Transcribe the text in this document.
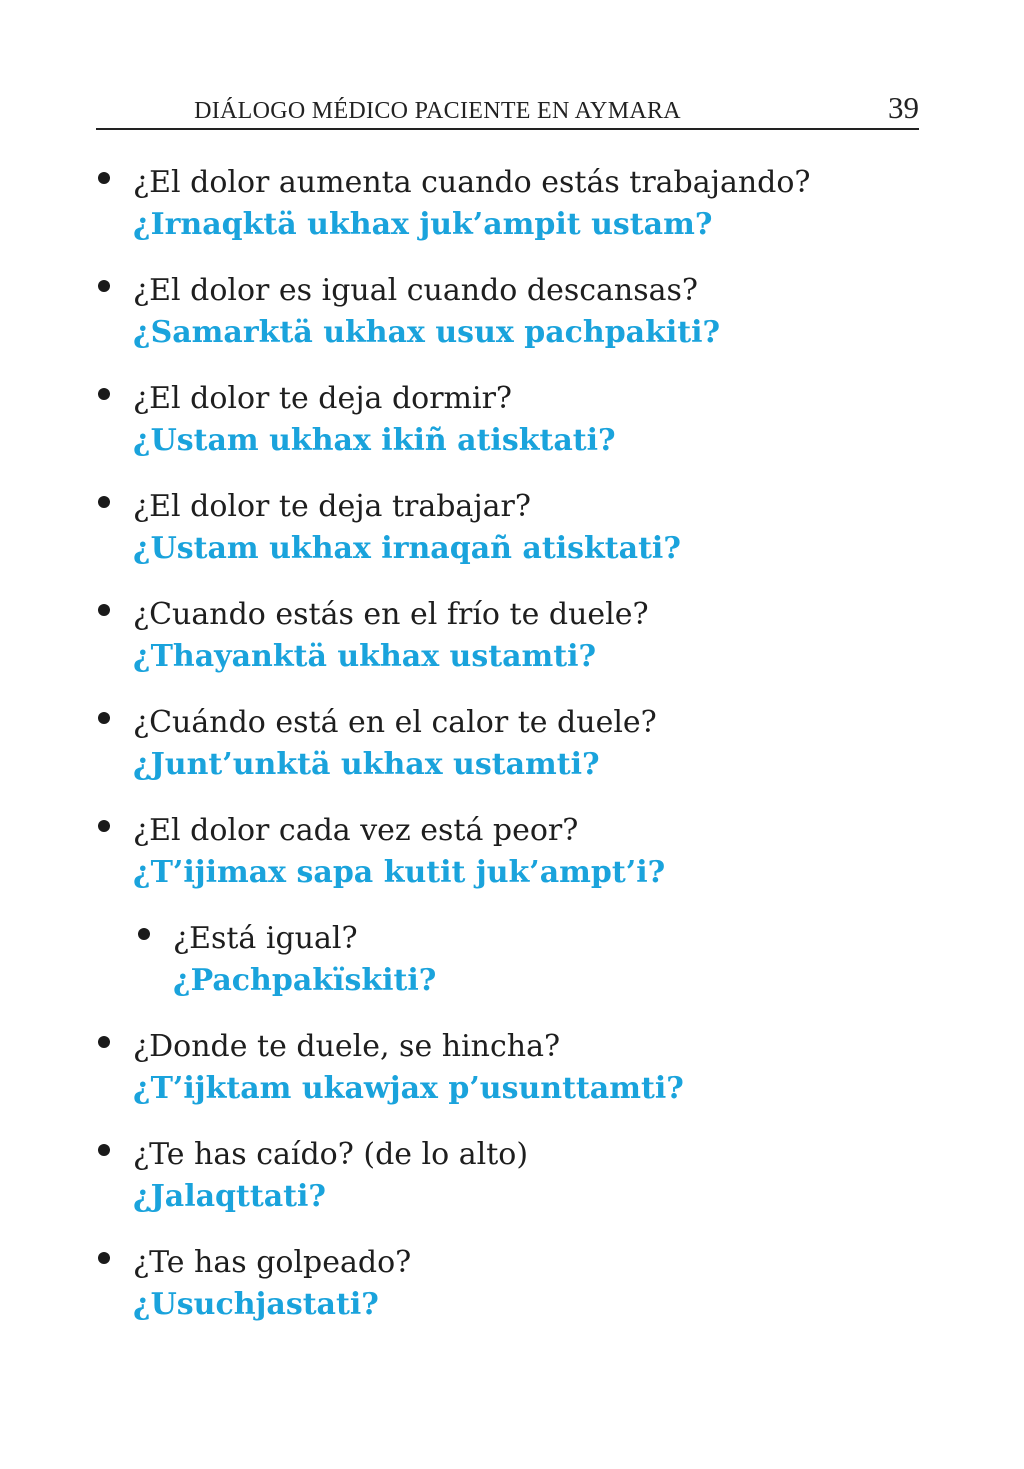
DIÁLOGO MÉDICO PACIENTE EN AYMARA	39
¿El dolor aumenta cuando estás trabajando?
¿Irnaqktä ukhax juk’ampit ustam?
¿El dolor es igual cuando descansas?
¿Samarktä ukhax usux pachpakiti?
¿El dolor te deja dormir?
¿Ustam ukhax ikiñ atisktati?
¿El dolor te deja trabajar?
¿Ustam ukhax irnaqañ atisktati?
¿Cuando estás en el frío te duele?
¿Thayanktä ukhax ustamti?
¿Cuándo está en el calor te duele?
¿Junt’unktä ukhax ustamti?
¿El dolor cada vez está peor?
¿T’ijimax sapa kutit juk’ampt’i?
¿Está igual?
¿Pachpakïskiti?
¿Donde te duele, se hincha?
¿T’ijktam ukawjax p’usunttamti?
¿Te has caído? (de lo alto)
¿Jalaqttati?
¿Te has golpeado?
¿Usuchjastati?
